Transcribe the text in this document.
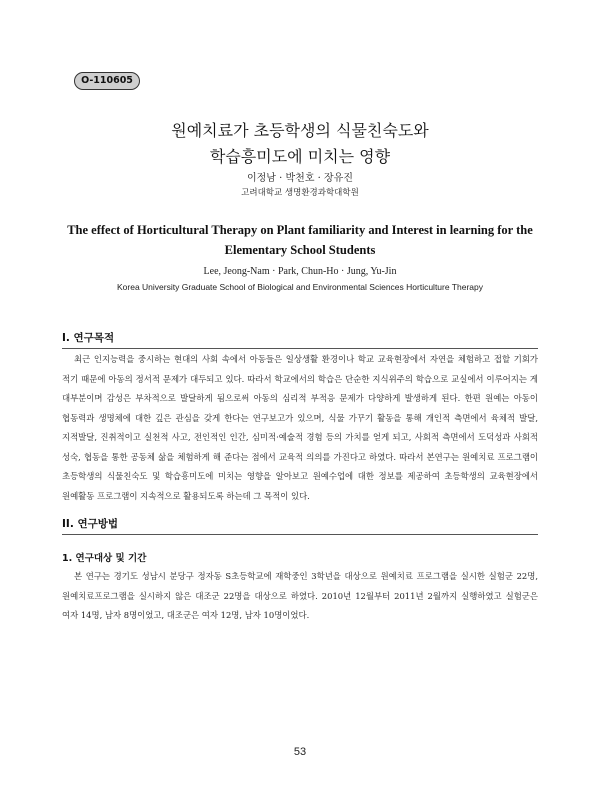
O-110605
원예치료가 초등학생의 식물친숙도와
학습흥미도에 미치는 영향
이정남 · 박천호 · 장유진
고려대학교 생명환경과학대학원
The effect of Horticultural Therapy on Plant familiarity and Interest in learning for the
Elementary School Students
Lee, Jeong-Nam · Park, Chun-Ho · Jung, Yu-Jin
Korea University Graduate School of Biological and Environmental Sciences Horticulture Therapy
I. 연구목적

최근 인지능력을 중시하는 현대의 사회 속에서 아동들은 일상생활 환경이나 학교 교육현장에서 자연을 체험하고 접할 기회가 적기 때문에 아동의 정서적 문제가 대두되고 있다. 따라서 학교에서의 학습은 단순한 지식위주의 학습으로 교실에서 이루어지는 게 대부분이며 감성은 부차적으로 발달하게 됨으로써 아동의 심리적 부적응 문제가 다양하게 발생하게 된다. 한편 원예는 아동이 협동력과 생명체에 대한 깊은 관심을 갖게 한다는 연구보고가 있으며, 식물 가꾸기 활동을 통해 개인적 측면에서 육체적 발달, 지적발달, 진취적이고 실천적 사고, 전인적인 인간, 심미적·예술적 경험 등의 가치를 얻게 되고, 사회적 측면에서 도덕성과 사회적 성숙, 협동을 통한 공동체 삶을 체험하게 해 준다는 점에서 교육적 의의를 가진다고 하였다. 따라서 본연구는 원예치료 프로그램이 초등학생의 식물친숙도 및 학습흥미도에 미치는 영향을 알아보고 원예수업에 대한 정보를 제공하여 초등학생의 교육현장에서 원예활동 프로그램이 지속적으로 활용되도록 하는데 그 목적이 있다.

II. 연구방법
1. 연구대상 및 기간

본 연구는 경기도 성남시 분당구 정자동 S초등학교에 재학중인 3학년을 대상으로 원예치료 프로그램을 실시한 실험군 22명, 원예치료프로그램을 실시하지 않은 대조군 22명을 대상으로 하였다. 2010년 12월부터 2011년 2월까지 실행하였고 실험군은 여자 14명, 남자 8명이었고, 대조군은 여자 12명, 남자 10명이었다.

53
